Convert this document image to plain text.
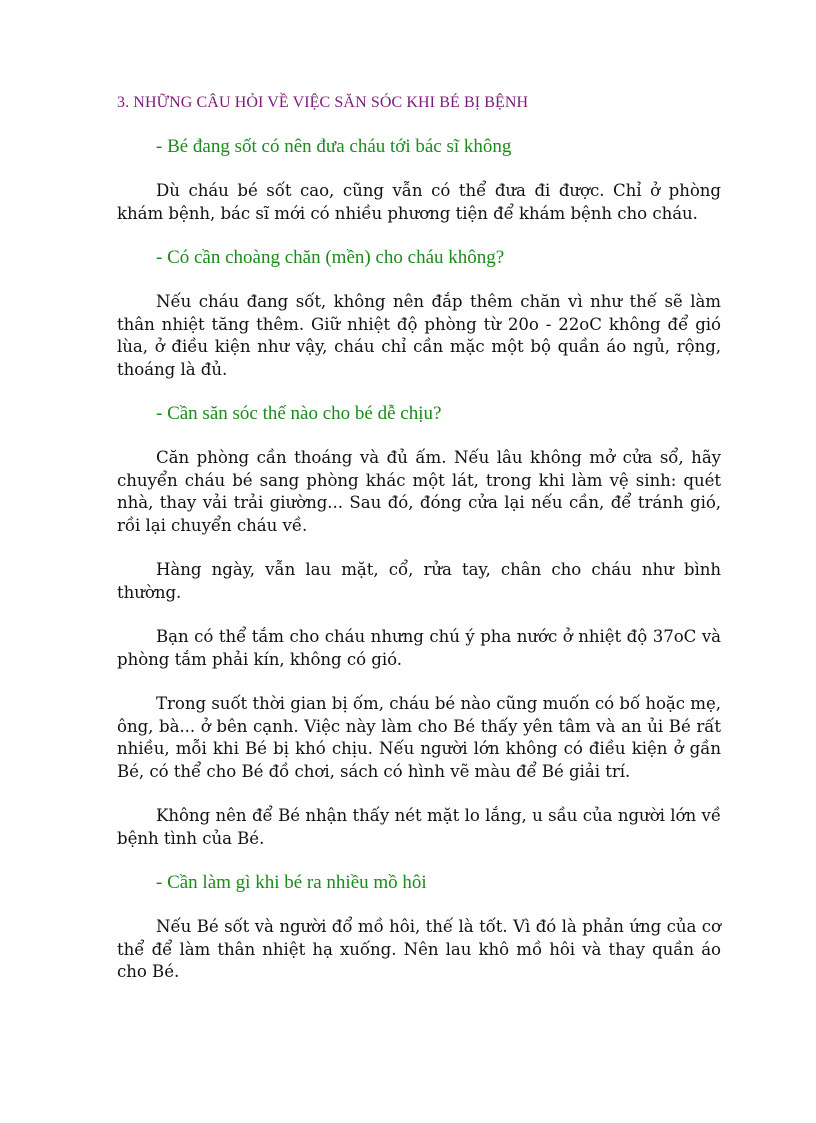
3. NHỮNG CÂU HỎI VỀ VIỆC SĂN SÓC KHI BÉ BỊ BỆNH
- Bé đang sốt có nên đưa cháu tới bác sĩ không
Dù cháu bé sốt cao, cũng vẫn có thể đưa đi được. Chỉ ở phòng khám bệnh, bác sĩ mới có nhiều phương tiện để khám bệnh cho cháu.
- Có cần choàng chăn (mền) cho cháu không?
Nếu cháu đang sốt, không nên đắp thêm chăn vì như thế sẽ làm thân nhiệt tăng thêm. Giữ nhiệt độ phòng từ 20o - 22oC không để gió lùa, ở điều kiện như vậy, cháu chỉ cần mặc một bộ quần áo ngủ, rộng, thoáng là đủ.
- Cần săn sóc thế nào cho bé dễ chịu?
Căn phòng cần thoáng và đủ ấm. Nếu lâu không mở cửa sổ, hãy chuyển cháu bé sang phòng khác một lát, trong khi làm vệ sinh: quét nhà, thay vải trải giường... Sau đó, đóng cửa lại nếu cần, để tránh gió, rồi lại chuyển cháu về.
Hàng ngày, vẫn lau mặt, cổ, rửa tay, chân cho cháu như bình thường.
Bạn có thể tắm cho cháu nhưng chú ý pha nước ở nhiệt độ 37oC và phòng tắm phải kín, không có gió.
Trong suốt thời gian bị ốm, cháu bé nào cũng muốn có bố hoặc mẹ, ông, bà... ở bên cạnh. Việc này làm cho Bé thấy yên tâm và an ủi Bé rất nhiều, mỗi khi Bé bị khó chịu. Nếu người lớn không có điều kiện ở gần Bé, có thể cho Bé đồ chơi, sách có hình vẽ màu để Bé giải trí.
Không nên để Bé nhận thấy nét mặt lo lắng, u sầu của người lớn về bệnh tình của Bé.
- Cần làm gì khi bé ra nhiều mồ hôi
Nếu Bé sốt và người đổ mồ hôi, thế là tốt. Vì đó là phản ứng của cơ thể để làm thân nhiệt hạ xuống. Nên lau khô mồ hôi và thay quần áo cho Bé.
